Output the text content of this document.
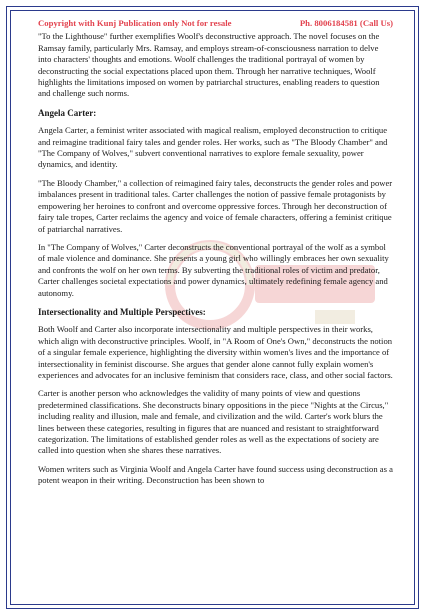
Copyright with Kunj Publication only Not for resale	Ph. 8006184581 (Call Us)

"To the Lighthouse" further exemplifies Woolf's deconstructive approach. The novel focuses on the Ramsay family, particularly Mrs. Ramsay, and employs stream-of-consciousness narration to delve into characters' thoughts and emotions. Woolf challenges the traditional portrayal of women by deconstructing the social expectations placed upon them. Through her narrative techniques, Woolf highlights the limitations imposed on women by patriarchal structures, enabling readers to question and challenge such norms.

Angela Carter:

Angela Carter, a feminist writer associated with magical realism, employed deconstruction to critique and reimagine traditional fairy tales and gender roles. Her works, such as "The Bloody Chamber" and "The Company of Wolves," subvert conventional narratives to explore female sexuality, power dynamics, and identity.

"The Bloody Chamber," a collection of reimagined fairy tales, deconstructs the gender roles and power imbalances present in traditional tales. Carter challenges the notion of passive female protagonists by empowering her heroines to confront and overcome oppressive forces. Through her deconstruction of fairy tale tropes, Carter reclaims the agency and voice of female characters, offering a feminist critique of patriarchal narratives.

In "The Company of Wolves," Carter deconstructs the conventional portrayal of the wolf as a symbol of male violence and dominance. She presents a young girl who willingly embraces her own sexuality and confronts the wolf on her own terms. By subverting the traditional roles of victim and predator, Carter challenges societal expectations and power dynamics, ultimately redefining female agency and autonomy.

Intersectionality and Multiple Perspectives:

Both Woolf and Carter also incorporate intersectionality and multiple perspectives in their works, which align with deconstructive principles. Woolf, in "A Room of One's Own," deconstructs the notion of a singular female experience, highlighting the diversity within women's lives and the importance of intersectionality in feminist discourse. She argues that gender alone cannot fully explain women's experiences and advocates for an inclusive feminism that considers race, class, and other social factors.

Carter is another person who acknowledges the validity of many points of view and questions predetermined classifications. She deconstructs binary oppositions in the piece "Nights at the Circus," including reality and illusion, male and female, and civilization and the wild. Carter's work blurs the lines between these categories, resulting in figures that are nuanced and resistant to straightforward categorization. The limitations of established gender roles as well as the expectations of society are called into question when she shares these narratives.

Women writers such as Virginia Woolf and Angela Carter have found success using deconstruction as a potent weapon in their writing. Deconstruction has been shown to
